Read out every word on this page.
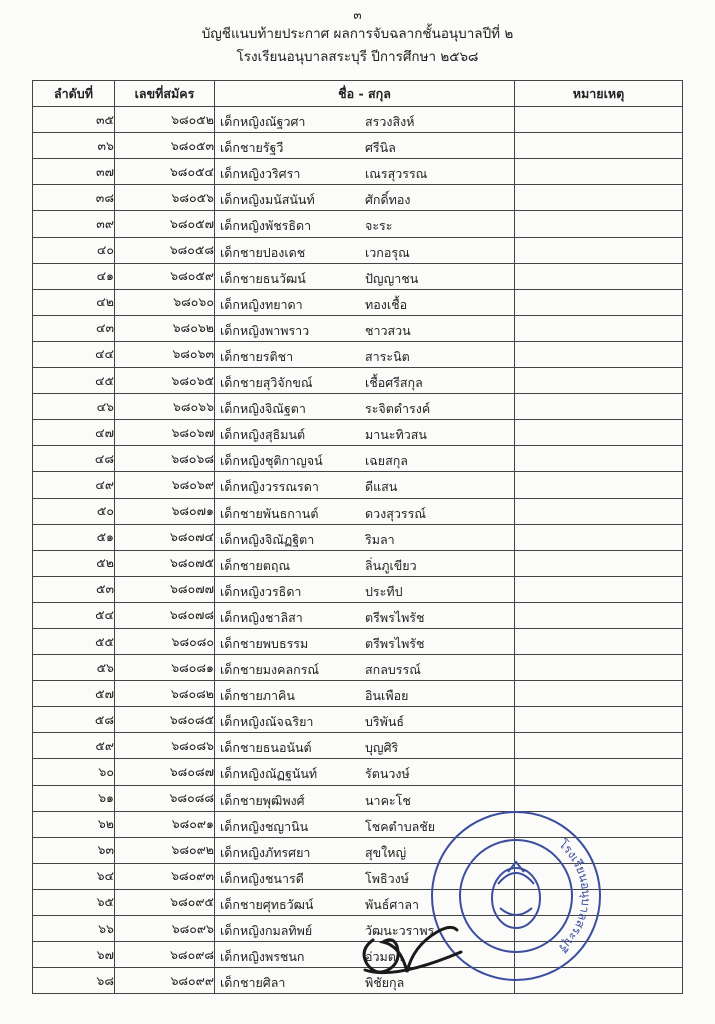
๓
บัญชีแนบท้ายประกาศ ผลการจับฉลากชั้นอนุบาลปีที่ ๒
โรงเรียนอนุบาลสระบุรี ปีการศึกษา ๒๕๖๘
ลำดับที่	เลขที่สมัคร	ชื่อ - สกุล	หมายเหตุ
๓๕	๖๘๐๕๒	เด็กหญิงณัฐวศา สรวงสิงห์	

๓๖	๖๘๐๕๓	เด็กชายรัฐวี ศรีนิล	

๓๗	๖๘๐๕๔	เด็กหญิงวริศรา เณรสุวรรณ	

๓๘	๖๘๐๕๖	เด็กหญิงมนัสนันท์ ศักดิ์ทอง	

๓๙	๖๘๐๕๗	เด็กหญิงพัชรธิดา จะระ	

๔๐	๖๘๐๕๘	เด็กชายปองเดช เวกอรุณ	

๔๑	๖๘๐๕๙	เด็กชายธนวัฒน์ ปัญญาชน	

๔๒	๖๘๐๖๐	เด็กหญิงทยาดา ทองเชื้อ	

๔๓	๖๘๐๖๒	เด็กหญิงพาพราว ชาวสวน	

๔๔	๖๘๐๖๓	เด็กชายรติชา สาระนิต	

๔๕	๖๘๐๖๕	เด็กชายสุวิจักขณ์ เชื้อศรีสกุล	

๔๖	๖๘๐๖๖	เด็กหญิงจิณัฐตา ระจิตดำรงค์	

๔๗	๖๘๐๖๗	เด็กหญิงสุธิมนต์ มานะทิวสน	

๔๘	๖๘๐๖๘	เด็กหญิงชุติกาญจน์ เฉยสกุล	

๔๙	๖๘๐๖๙	เด็กหญิงวรรณรดา ดีแสน	

๕๐	๖๘๐๗๑	เด็กชายพันธกานต์ ดวงสุวรรณ์	

๕๑	๖๘๐๗๔	เด็กหญิงจิณัฏฐิตา ริมลา	

๕๒	๖๘๐๗๕	เด็กชายตฤณ ลิ่นภูเขียว	

๕๓	๖๘๐๗๗	เด็กหญิงวรธิดา ประทีป	

๕๔	๖๘๐๗๘	เด็กหญิงชาลิสา ตรีพรไพรัช	

๕๕	๖๘๐๘๐	เด็กชายพบธรรม ตรีพรไพรัช	

๕๖	๖๘๐๘๑	เด็กชายมงคลกรณ์ สกลบรรณ์	

๕๗	๖๘๐๘๒	เด็กชายภาคิน อินเพือย	

๕๘	๖๘๐๘๕	เด็กหญิงณัจฉริยา บริพันธ์	

๕๙	๖๘๐๘๖	เด็กชายธนอนันต์ บุญศิริ	

๖๐	๖๘๐๘๗	เด็กหญิงณัฏฐนันท์ รัตนวงษ์	

๖๑	๖๘๐๘๘	เด็กชายพุฒิพงศ์ นาคะโช	

๖๒	๖๘๐๙๑	เด็กหญิงชญานิน โชคตำบลชัย	

๖๓	๖๘๐๙๒	เด็กหญิงภัทรศยา สุขใหญ่	

๖๔	๖๘๐๙๓	เด็กหญิงชนารดี โพธิวงษ์	

๖๕	๖๘๐๙๕	เด็กชายศุทธวัฒน์ พันธ์ศาลา	

๖๖	๖๘๐๙๖	เด็กหญิงกมลทิพย์ วัฒนะวราพร	

๖๗	๖๘๐๙๘	เด็กหญิงพรชนก อ่วมตา	

๖๘	๖๘๐๙๙	เด็กชายศิลา พิชัยกุล	

โรงเรียนอนุบาลสระบุรี
